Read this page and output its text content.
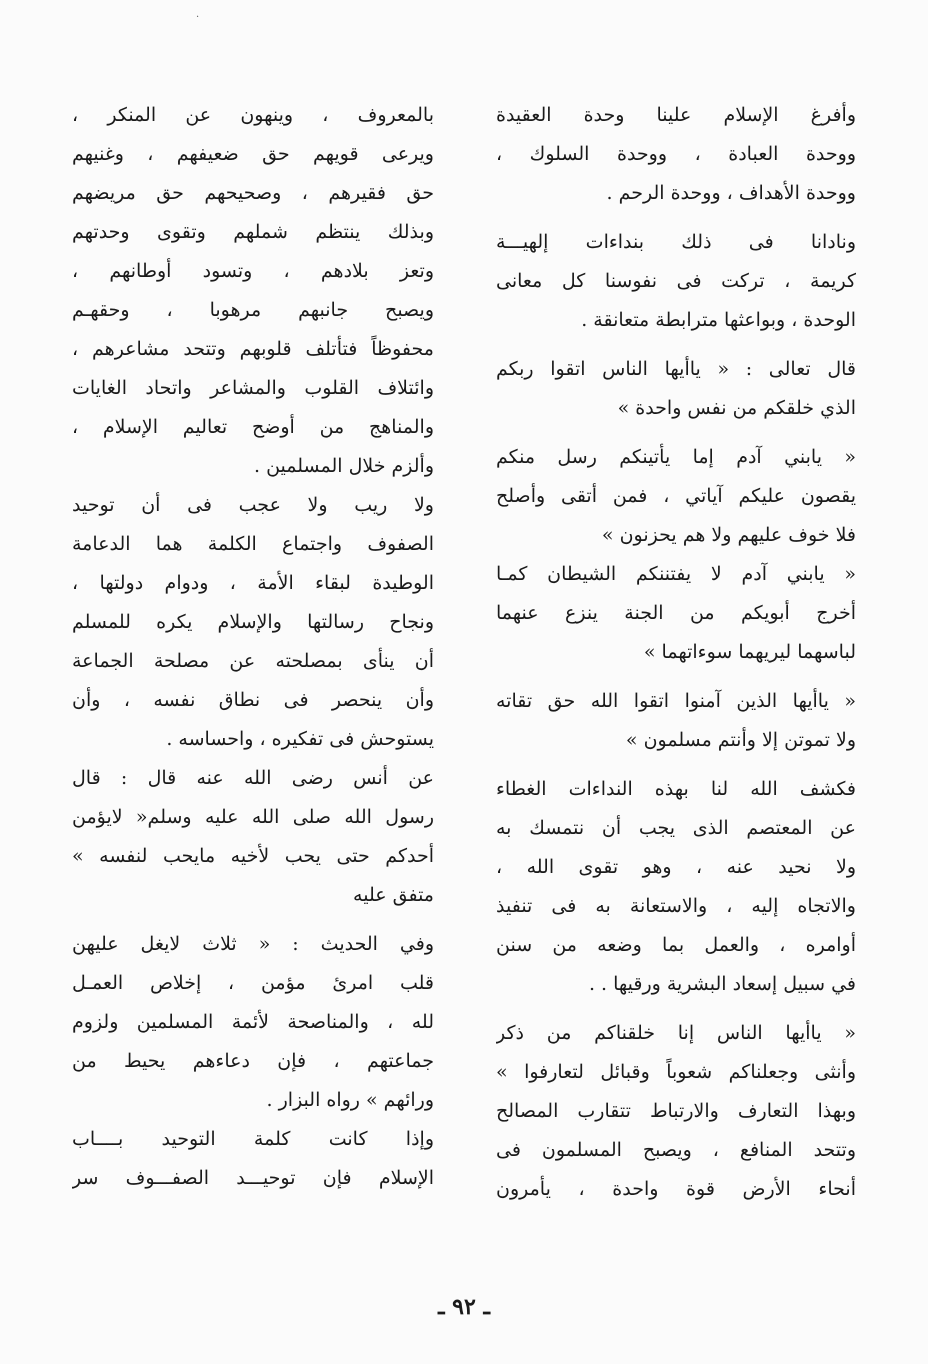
·
وأفرغ الإسلام علينا وحدة العقيدة
ووحدة العبادة ، ووحدة السلوك ،
ووحدة الأهداف ، ووحدة الرحم .
ونادانا فى ذلك بنداءات إلهيـــة
كريمة ، تركت فى نفوسنا كل معانى
الوحدة ، وبواعثها مترابطة متعانقة .
قال تعالى : « ياأيها الناس اتقوا ربكم
الذي خلقكم من نفس واحدة »
« يابني آدم إما يأتينكم رسل منكم
يقصون عليكم آياتي ، فمن أتقى وأصلح
فلا خوف عليهم ولا هم يحزنون »
« يابني آدم لا يفتننكم الشيطان كمـا
أخرج أبويكم من الجنة ينزع عنهما
لباسهما ليريهما سوءاتهما »
« ياأيها الذين آمنوا اتقوا الله حق تقاته
ولا تموتن إلا وأنتم مسلمون »
فكشف الله لنا بهذه النداءات الغطاء
عن المعتصم الذى يجب أن نتمسك به
ولا نحيد عنه ، وهو تقوى الله ،
والاتجاه إليه ، والاستعانة به فى تنفيذ
أوامره ، والعمل بما وضعه من سنن
في سبيل إسعاد البشرية ورقيها . .
« ياأيها الناس إنا خلقناكم من ذكر
وأنثى وجعلناكم شعوباً وقبائل لتعارفوا »
وبهذا التعارف والارتباط تتقارب المصالح
وتتحد المنافع ، ويصبح المسلمون فى
أنحاء الأرض قوة واحدة ، يأمرون
بالمعروف ، وينهون عن المنكر ،
ويرعى قويهم حق ضعيفهم ، وغنيهم
حق فقيرهم ، وصحيحهم حق مريضهم
وبذلك ينتظم شملهم وتقوى وحدتهم
وتعز بلادهم ، وتسود أوطانهم ،
ويصبح جانبهم مرهوبا ، وحقهـم
محفوظاً فتأتلف قلوبهم وتتحد مشاعرهم ،
وائتلاف القلوب والمشاعر واتحاد الغايات
والمناهج من أوضح تعاليم الإسلام ،
وألزم خلال المسلمين .
ولا ريب ولا عجب فى أن توحيد
الصفوف واجتماع الكلمة هما الدعامة
الوطيدة لبقاء الأمة ، ودوام دولتها ،
ونجاح رسالتها والإسلام يكره للمسلم
أن ينأى بمصلحته عن مصلحة الجماعة
وأن ينحصر فى نطاق نفسه ، وأن
يستوحش فى تفكيره ، واحساسه .
عن أنس رضى الله عنه قال : قال
رسول الله صلى الله عليه وسلم« لايؤمن
أحدكم حتى يحب لأخيه مايحب لنفسه »
متفق عليه
وفي الحديث : « ثلاث لايغل عليهن
قلب امرئ مؤمن ، إخلاص العمـل
لله ، والمناصحة لأئمة المسلمين ولزوم
جماعتهم ، فإن دعاءهم يحيط من
ورائهم » رواه البزار .
وإذا كانت كلمة التوحيد بــــاب
الإسلام فإن توحيـــد الصفـــوف سر
ـ ٩٢ ـ
